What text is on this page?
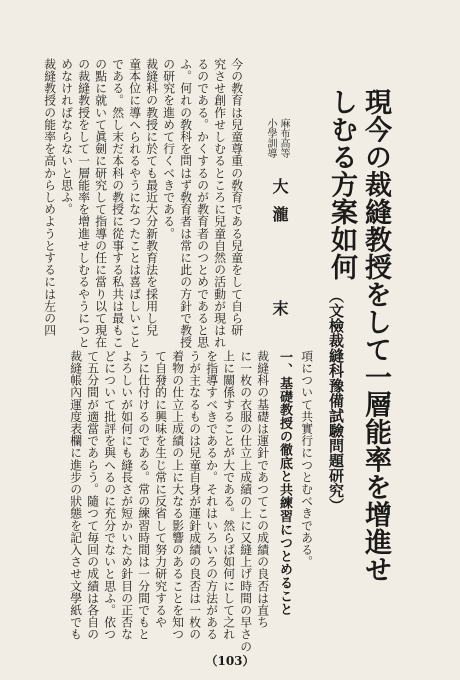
現今の裁縫教授をして一層能率を增進せ
しむる方案如何
（文檢裁縫科豫備試驗問題研究）
麻布高等
小學訓導
大瀧
末
今の教育は兒童尊重の敎育である兒童をして自ら研
究させ創作せしむるところに兒童自然の活動が現はれ
るのである。かくするのが教育者のつとめであると思
ふ。何れの敎科を問はず敎育者は常に此の方針で教授
の研究を進めて行くべきである。
裁縫科の教授に於ても最近大分新教育法を採用し兒
童本位に導へられるやうになつたことは喜ばしいこと
である。然し末だ本科の教授に從事する私共は最もこ
の點に就いて眞劍に研究して指導の任に當り以て現在
の裁縫教授をして一層能率を增進せしむるやうにつと
めなければならないと思ふ。
裁縫教授の能率を高からしめようとするには左の四
項について共實行につとむべきである。
一、基礎教授の徹底と共練習につとめること
裁縫科の基礎は運針であつてこの成績の良否は直ち
に一枚の衣服の仕立上成績の上に又縫上げ時間の早さの
上に關係することが大である。然らば如何にして之れ
を指導すべきであるか。それはいろいろの方法がある
うが主なるものは兒童自身が運針成績の良否は一枚の
着物の仕立上成績の上に大なる影響のあることを知つ
て自發的に興味を生じ常に反省して努力研究するや
うに仕付けるのである。常の練習時間は一分間でもと
よろしいが如何にも縫長さが短かいため針目の正否な
どについて批評を與へるのに充分でないと思ふ。依つ
て五分間が適當であらう。隨つて毎回の成績は各自の
裁縫帳內運度表欄に進步の狀態を記入させ文學紙でも
（103）
